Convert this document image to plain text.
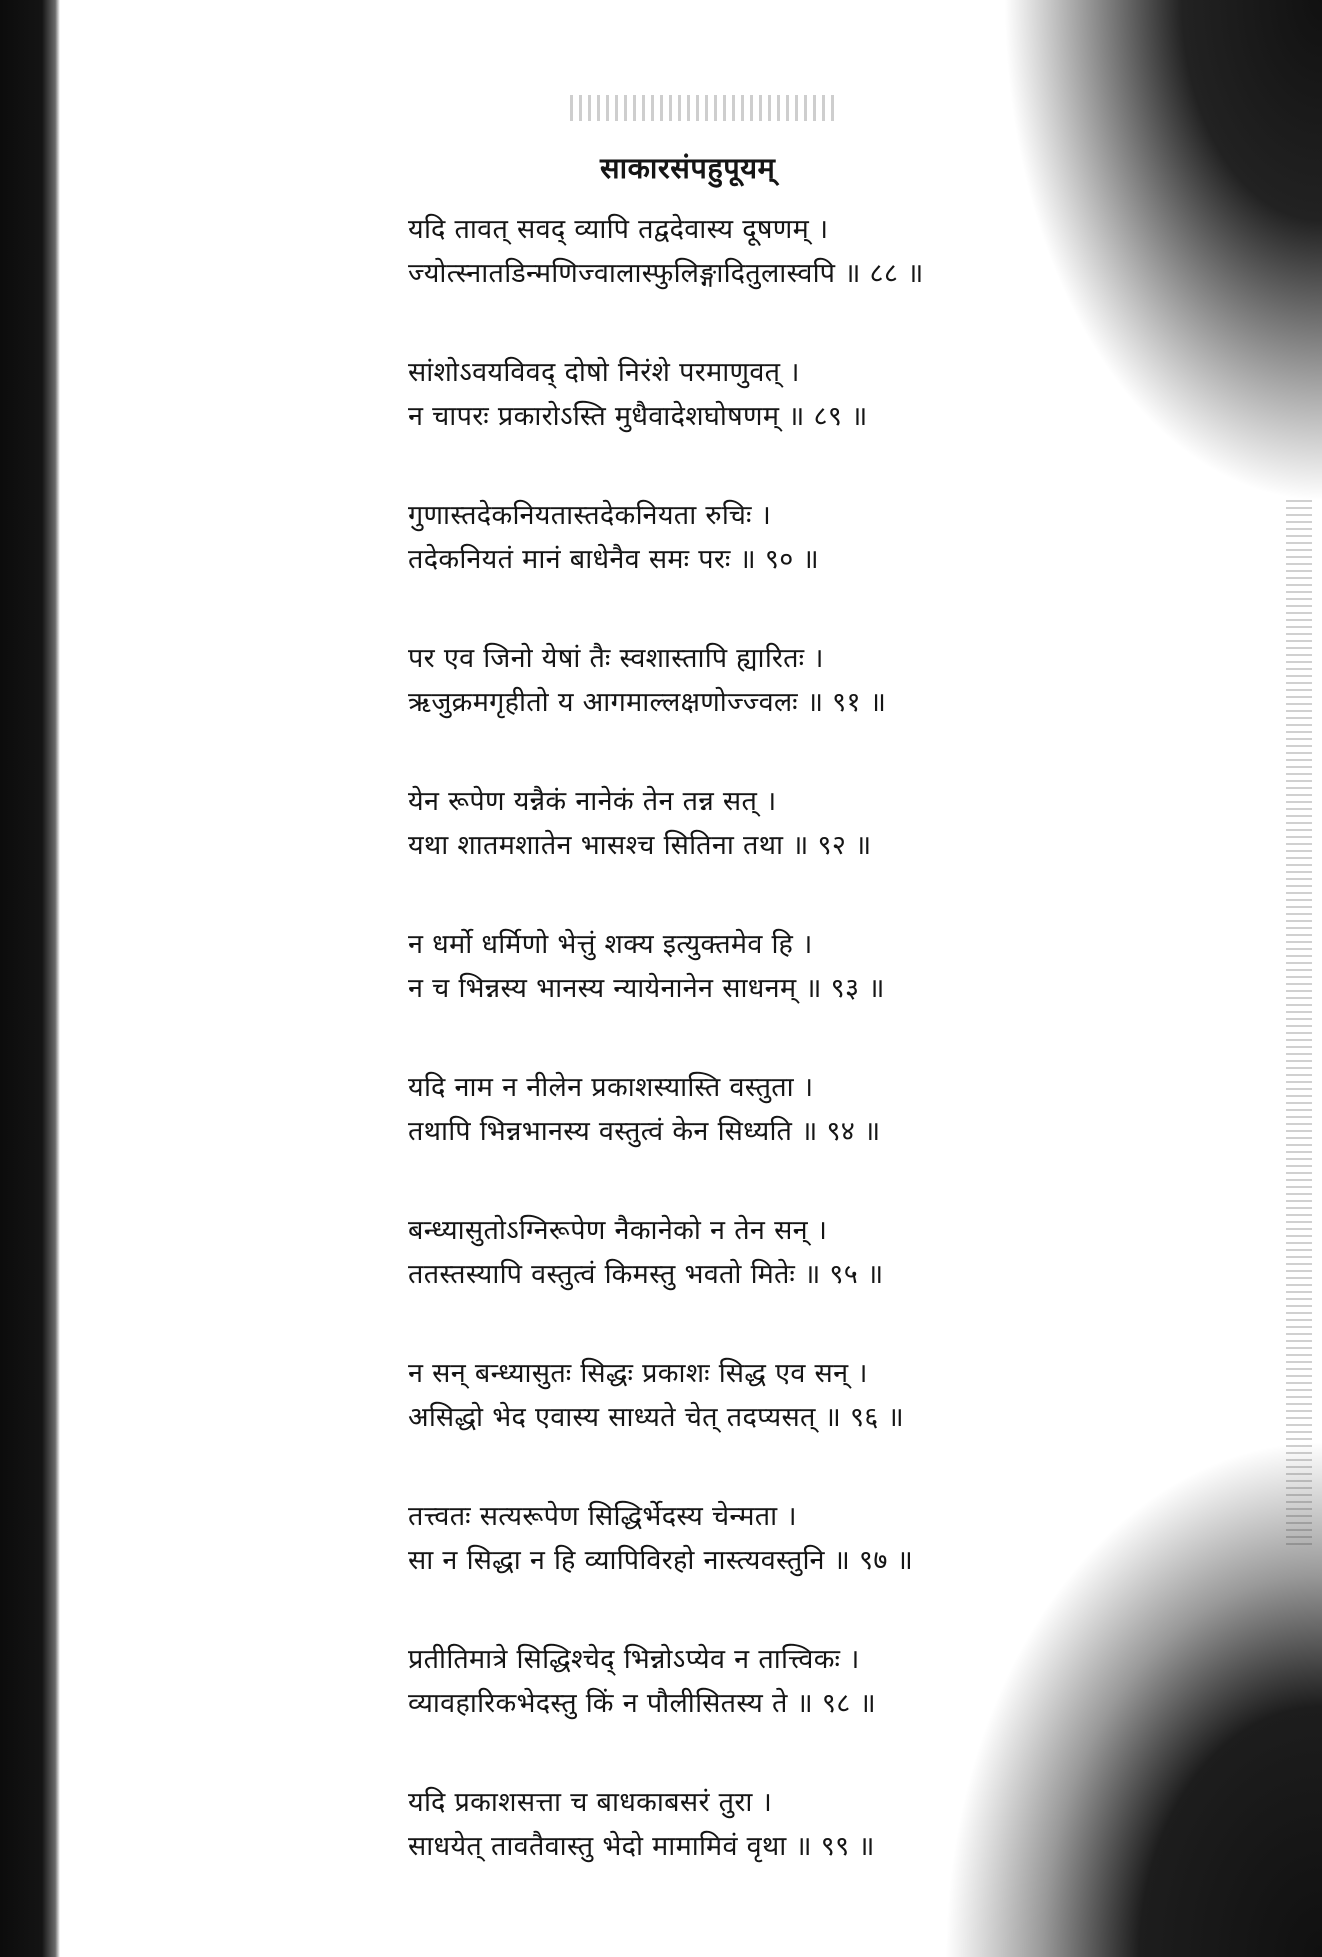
साकारसंपहुपूयम्
यदि तावत् सवद् व्यापि तद्वदेवास्य दूषणम् ।
ज्योत्स्नातडिन्मणिज्वालास्फुलिङ्गादितुलास्वपि ॥ ८८ ॥
सांशोऽवयविवद् दोषो निरंशे परमाणुवत् ।
न चापरः प्रकारोऽस्ति मुधैवादेशघोषणम् ॥ ८९ ॥
गुणास्तदेकनियतास्तदेकनियता रुचिः ।
तदेकनियतं मानं बाधेनैव समः परः ॥ ९० ॥
पर एव जिनो येषां तैः स्वशास्तापि ह्यारितः ।
ऋजुक्रमगृहीतो य आगमाल्लक्षणोज्ज्वलः ॥ ९१ ॥
येन रूपेण यन्नैकं नानेकं तेन तन्न सत् ।
यथा शातमशातेन भासश्च सितिना तथा ॥ ९२ ॥
न धर्मो धर्मिणो भेत्तुं शक्य इत्युक्तमेव हि ।
न च भिन्नस्य भानस्य न्यायेनानेन साधनम् ॥ ९३ ॥
यदि नाम न नीलेन प्रकाशस्यास्ति वस्तुता ।
तथापि भिन्नभानस्य वस्तुत्वं केन सिध्यति ॥ ९४ ॥
बन्ध्यासुतोऽग्निरूपेण नैकानेको न तेन सन् ।
ततस्तस्यापि वस्तुत्वं किमस्तु भवतो मितेः ॥ ९५ ॥
न सन् बन्ध्यासुतः सिद्धः प्रकाशः सिद्ध एव सन् ।
असिद्धो भेद एवास्य साध्यते चेत् तदप्यसत् ॥ ९६ ॥
तत्त्वतः सत्यरूपेण सिद्धिर्भेदस्य चेन्मता ।
सा न सिद्धा न हि व्यापिविरहो नास्त्यवस्तुनि ॥ ९७ ॥
प्रतीतिमात्रे सिद्धिश्चेद् भिन्नोऽप्येव न तात्त्विकः ।
व्यावहारिकभेदस्तु किं न पौलीसितस्य ते ॥ ९८ ॥
यदि प्रकाशसत्ता च बाधकाबसरं तुरा ।
साधयेत् तावतैवास्तु भेदो मामामिवं वृथा ॥ ९९ ॥
